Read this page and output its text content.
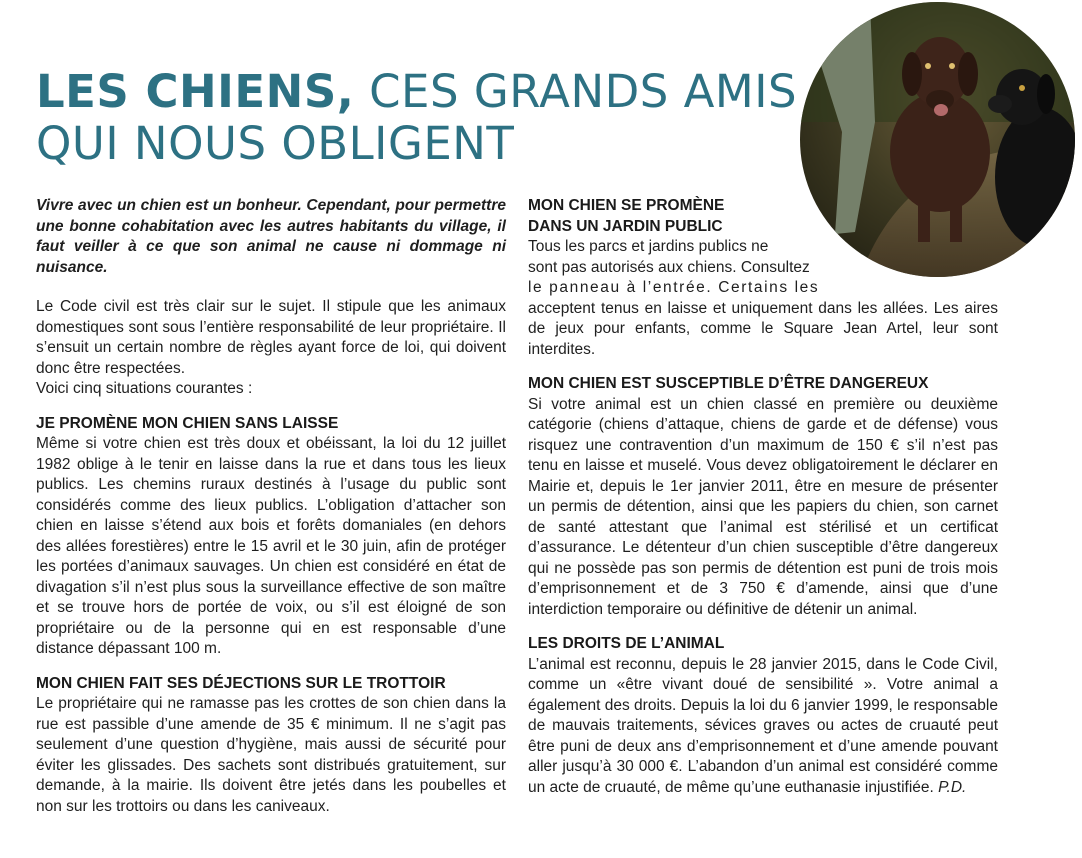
LES CHIENS, CES GRANDS AMIS
QUI NOUS OBLIGENT

Vivre avec un chien est un bonheur. Cependant, pour permettre une bonne cohabitation avec les autres habitants du village, il faut veiller à ce que son animal ne cause ni dommage ni nuisance.

Le Code civil est très clair sur le sujet. Il stipule que les animaux domestiques sont sous l’entière responsabilité de leur propriétaire. Il s’ensuit un certain nombre de règles ayant force de loi, qui doivent donc être respectées.

Voici cinq situations courantes :

JE PROMÈNE MON CHIEN SANS LAISSE

Même si votre chien est très doux et obéissant, la loi du 12 juillet 1982 oblige à le tenir en laisse dans la rue et dans tous les lieux publics. Les chemins ruraux destinés à l’usage du public sont considérés comme des lieux publics. L’obligation d’attacher son chien en laisse s’étend aux bois et forêts domaniales (en dehors des allées forestières) entre le 15 avril et le 30 juin, afin de protéger les portées d’animaux sauvages. Un chien est considéré en état de divagation s’il n’est plus sous la surveillance effective de son maître et se trouve hors de portée de voix, ou s’il est éloigné de son propriétaire ou de la personne qui en est responsable d’une distance dépassant 100 m.

MON CHIEN FAIT SES DÉJECTIONS SUR LE TROTTOIR

Le propriétaire qui ne ramasse pas les crottes de son chien dans la rue est passible d’une amende de 35 € minimum. Il ne s’agit pas seulement d’une question d’hygiène, mais aussi de sécurité pour éviter les glissades. Des sachets sont distribués gratuitement, sur demande, à la mairie. Ils doivent être jetés dans les poubelles et non sur les trottoirs ou dans les caniveaux.

MON CHIEN SE PROMÈNE
DANS UN JARDIN PUBLIC

Tous les parcs et jardins publics ne
sont pas autorisés aux chiens. Consultez

le panneau à l’entrée. Certains les

acceptent tenus en laisse et uniquement dans les allées. Les aires de jeux pour enfants, comme le Square Jean Artel, leur sont interdites.

MON CHIEN EST SUSCEPTIBLE D’ÊTRE DANGEREUX

Si votre animal est un chien classé en première ou deuxième catégorie (chiens d’attaque, chiens de garde et de défense) vous risquez une contravention d’un maximum de 150 € s’il n’est pas tenu en laisse et muselé. Vous devez obligatoirement le déclarer en Mairie et, depuis le 1er janvier 2011, être en mesure de présenter un permis de détention, ainsi que les papiers du chien, son carnet de santé attestant que l’animal est stérilisé et un certificat d’assurance. Le détenteur d’un chien susceptible d’être dangereux qui ne possède pas son permis de détention est puni de trois mois d’emprisonnement et de 3 750 € d’amende, ainsi que d’une interdiction temporaire ou définitive de détenir un animal.

LES DROITS DE L’ANIMAL

L’animal est reconnu, depuis le 28 janvier 2015, dans le Code Civil, comme un «être vivant doué de sensibilité ». Votre animal a également des droits. Depuis la loi du 6 janvier 1999, le responsable de mauvais traitements, sévices graves ou actes de cruauté peut être puni de deux ans d’emprisonnement et d’une amende pouvant aller jusqu’à 30 000 €. L’abandon d’un animal est considéré comme un acte de cruauté, de même qu’une euthanasie injustifiée. P.D.
